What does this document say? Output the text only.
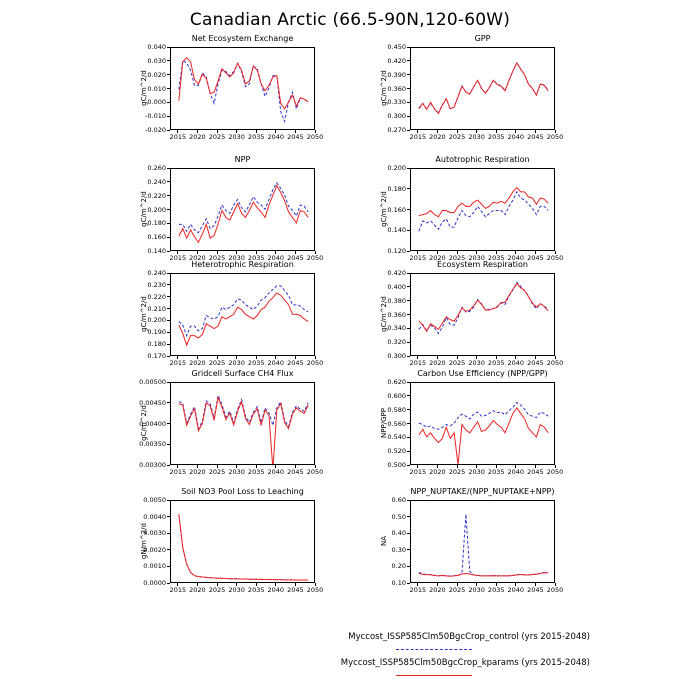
Canadian Arctic (66.5-90N,120-60W)
Net Ecosystem Exchange
gC/m^2/d
-0.020
-0.010
0.000
0.010
0.020
0.030
0.040
2015 2020 2025 2030 2035 2040 2045 2050
GPP
gC/m^2/d
0.270
0.300
0.330
0.360
0.390
0.420
0.450
2015 2020 2025 2030 2035 2040 2045 2050
NPP
gC/m^2/d
0.140
0.160
0.180
0.200
0.220
0.240
0.260
2015 2020 2025 2030 2035 2040 2045 2050
Autotrophic Respiration
gC/m^2/d
0.120
0.140
0.160
0.180
0.200
2015 2020 2025 2030 2035 2040 2045 2050
Heterotrophic Respiration
gC/m^2/d
0.170
0.180
0.190
0.200
0.210
0.220
0.230
0.240
2015 2020 2025 2030 2035 2040 2045 2050
Ecosystem Respiration
gC/m^2/d
0.300
0.320
0.340
0.360
0.380
0.400
0.420
2015 2020 2025 2030 2035 2040 2045 2050
Gridcell Surface CH4 Flux
gC/m^2/d
0.00300
0.00350
0.00400
0.00450
0.00500
2015 2020 2025 2030 2035 2040 2045 2050
Carbon Use Efficiency (NPP/GPP)
NPP/GPP
0.500
0.520
0.540
0.560
0.580
0.600
0.620
2015 2020 2025 2030 2035 2040 2045 2050
Soil NO3 Pool Loss to Leaching
gN/m^2/d
0.0000
0.0010
0.0020
0.0030
0.0040
0.0050
2015 2020 2025 2030 2035 2040 2045 2050
NPP_NUPTAKE/(NPP_NUPTAKE+NPP)
NA
0.10
0.20
0.30
0.40
0.50
0.60
2015 2020 2025 2030 2035 2040 2045 2050
Myccost_ISSP585Clm50BgcCrop_control (yrs 2015-2048)
Myccost_ISSP585Clm50BgcCrop_kparams (yrs 2015-2048)
